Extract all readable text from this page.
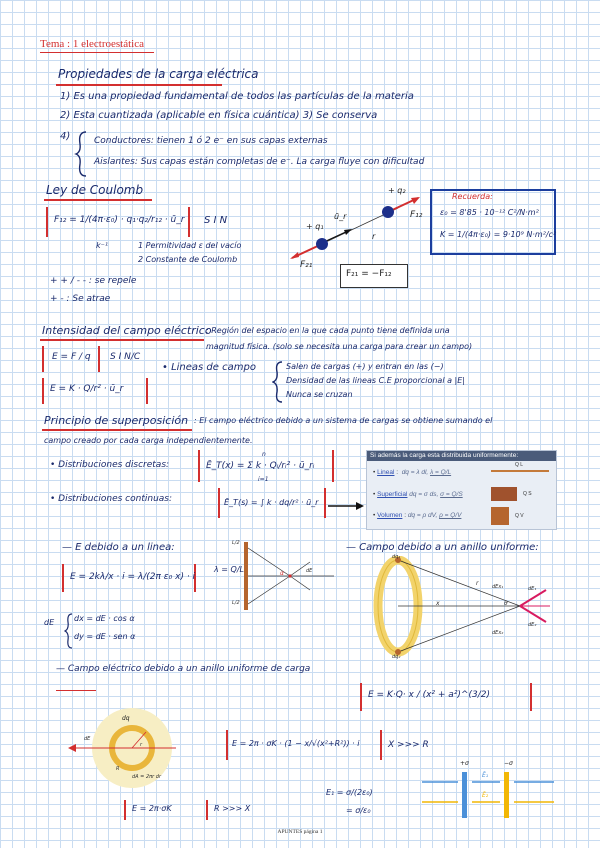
Tema : 1 electroestática
Propiedades de la carga eléctrica
1) Es una propiedad fundamental de todos las partículas de la materia
2) Esta cuantizada (aplicable en física cuántica) 3) Se conserva
4)	Conductores: tienen 1 ó 2 e⁻ en sus capas externas
Aislantes: Sus capas están completas de e⁻. La carga fluye con dificultad
Ley de Coulomb
F₁₂ = 1/(4π·ε₀) · q₁·q₂/r₁₂ · ū_r
k⁻¹
S I N
1 Permitividad ε del vacío
2 Constante de Coulomb
+ + / - - : se repele
+ - : Se atrae
+ q₁
+ q₂
ū_r
r
F₁₂
F₂₁
F₂₁ = −F₁₂
Recuerda:
ε₀ = 8'85 · 10⁻¹² C²/N·m²
K = 1/(4π·ε₀) = 9·10⁹ N·m²/c²
Intensidad del campo eléctrico
: Región del espacio en la que cada punto tiene definida una
magnitud física. (solo se necesita una carga para crear un campo)
E = F / q S I N/C
E = K · Q/r² · ū_r
• Lineas de campo	Salen de cargas (+) y entran en las (−)
Densidad de las lineas C.E proporcional a |E|
Nunca se cruzan
Principio de superposición : El campo eléctrico debido a un sistema de cargas se obtiene sumando el
campo creado por cada carga independientemente.
• Distribuciones discretas:	Ē_T(x) = Σ k · Qᵢ/rᵢ² · ū_rᵢ
n
i=1
• Distribuciones continuas:	Ē_T(s) = ∫ k · dq/r² · ū_r
Si además la carga esta distribuida uniformemente:
• Lineal :  dq = λ dl, λ = Q/L
• Superficial dq = σ ds, σ = Q/S
• Volumen : dq = ρ dV, ρ = Q/V
Q L
Q S
Q V
— E debido a un linea:
E = 2kλ/x · i = λ/(2π ε₀ x) · i
dE dx = dE · cos α
dy = dE · sen α
λ = Q/L
L/2
L/2
dE
α
— Campo debido a un anillo uniforme:
dq₁
dq₂
x
r
θ
dE₁
dE₂
dEx₁
dEx₂
— Campo eléctrico debido a un anillo uniforme de carga
E = K·Q· x / (x² + a²)^(3/2)
dq
dE
r
R
dA = 2πr dr
E = 2π · σK · (1 − x/√(x²+R²)) · i	X >>> R
E = 2π·σK	R >>> X
E₁ = σ/(2ε₀)
= σ/ε₀
+σ	−σ
Ē₁
Ē₂
APUNTES página 1
